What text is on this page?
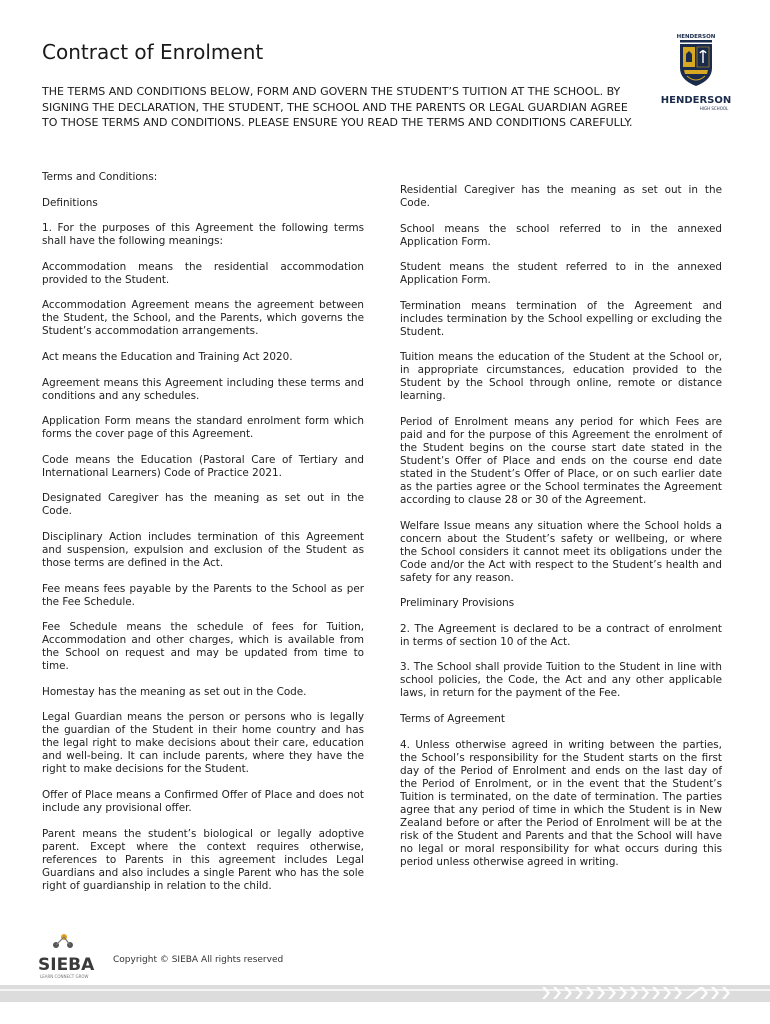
Contract of Enrolment

THE TERMS AND CONDITIONS BELOW, FORM AND GOVERN THE STUDENT’S TUITION AT THE SCHOOL. BY SIGNING THE DECLARATION, THE STUDENT, THE SCHOOL AND THE PARENTS OR LEGAL GUARDIAN AGREE TO THOSE TERMS AND CONDITIONS. PLEASE ENSURE YOU READ THE TERMS AND CONDITIONS CAREFULLY.

HENDERSON
HENDERSON
HIGH SCHOOL

Terms and Conditions:

Definitions

1. For the purposes of this Agreement the following terms shall have the following meanings:

Accommodation means the residential accommodation provided to the Student.

Accommodation Agreement means the agreement between the Student, the School, and the Parents, which governs the Student’s accommodation arrangements.

Act means the Education and Training Act 2020.

Agreement means this Agreement including these terms and conditions and any schedules.

Application Form means the standard enrolment form which forms the cover page of this Agreement.

Code means the Education (Pastoral Care of Tertiary and International Learners) Code of Practice 2021.

Designated Caregiver has the meaning as set out in the Code.

Disciplinary Action includes termination of this Agreement and suspension, expulsion and exclusion of the Student as those terms are defined in the Act.

Fee means fees payable by the Parents to the School as per the Fee Schedule.

Fee Schedule means the schedule of fees for Tuition, Accommodation and other charges, which is available from the School on request and may be updated from time to time.

Homestay has the meaning as set out in the Code.

Legal Guardian means the person or persons who is legally the guardian of the Student in their home country and has the legal right to make decisions about their care, education and well-being. It can include parents, where they have the right to make decisions for the Student.

Offer of Place means a Confirmed Offer of Place and does not include any provisional offer.

Parent means the student’s biological or legally adoptive parent. Except where the context requires otherwise, references to Parents in this agreement includes Legal Guardians and also includes a single Parent who has the sole right of guardianship in relation to the child.

Residential Caregiver has the meaning as set out in the Code.

School means the school referred to in the annexed Application Form.

Student means the student referred to in the annexed Application Form.

Termination means termination of the Agreement and includes termination by the School expelling or excluding the Student.

Tuition means the education of the Student at the School or, in appropriate circumstances, education provided to the Student by the School through online, remote or distance learning.

Period of Enrolment means any period for which Fees are paid and for the purpose of this Agreement the enrolment of the Student begins on the course start date stated in the Student’s Offer of Place and ends on the course end date stated in the Student’s Offer of Place, or on such earlier date as the parties agree or the School terminates the Agreement according to clause 28 or 30 of the Agreement.

Welfare Issue means any situation where the School holds a concern about the Student’s safety or wellbeing, or where the School considers it cannot meet its obligations under the Code and/or the Act with respect to the Student’s health and safety for any reason.

Preliminary Provisions

2. The Agreement is declared to be a contract of enrolment in terms of section 10 of the Act.

3. The School shall provide Tuition to the Student in line with school policies, the Code, the Act and any other applicable laws, in return for the payment of the Fee.

Terms of Agreement

4. Unless otherwise agreed in writing between the parties, the School’s responsibility for the Student starts on the first day of the Period of Enrolment and ends on the last day of the Period of Enrolment, or in the event that the Student’s Tuition is terminated, on the date of termination. The parties agree that any period of time in which the Student is in New Zealand before or after the Period of Enrolment will be at the risk of the Student and Parents and that the School will have no legal or moral responsibility for what occurs during this period unless otherwise agreed in writing.

SIEBA
LEARN CONNECT GROW
Copyright © SIEBA All rights reserved
